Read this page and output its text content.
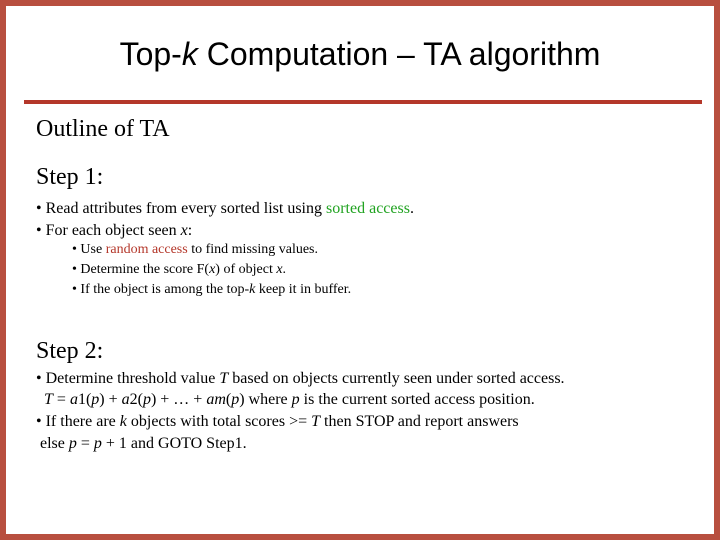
Top-k Computation – TA algorithm
Outline of TA
Step 1:
• Read attributes from every sorted list using sorted access.
• For each object seen x:
• Use random access to find missing values.
• Determine the score F(x) of object x.
• If the object is among the top-k keep it in buffer.
Step 2:
• Determine threshold value T based on objects currently seen under sorted access.
T = a1(p) + a2(p) + … + am(p) where p is the current sorted access position.
• If there are k objects with total scores >= T then STOP and report answers
else p = p + 1 and GOTO Step1.
